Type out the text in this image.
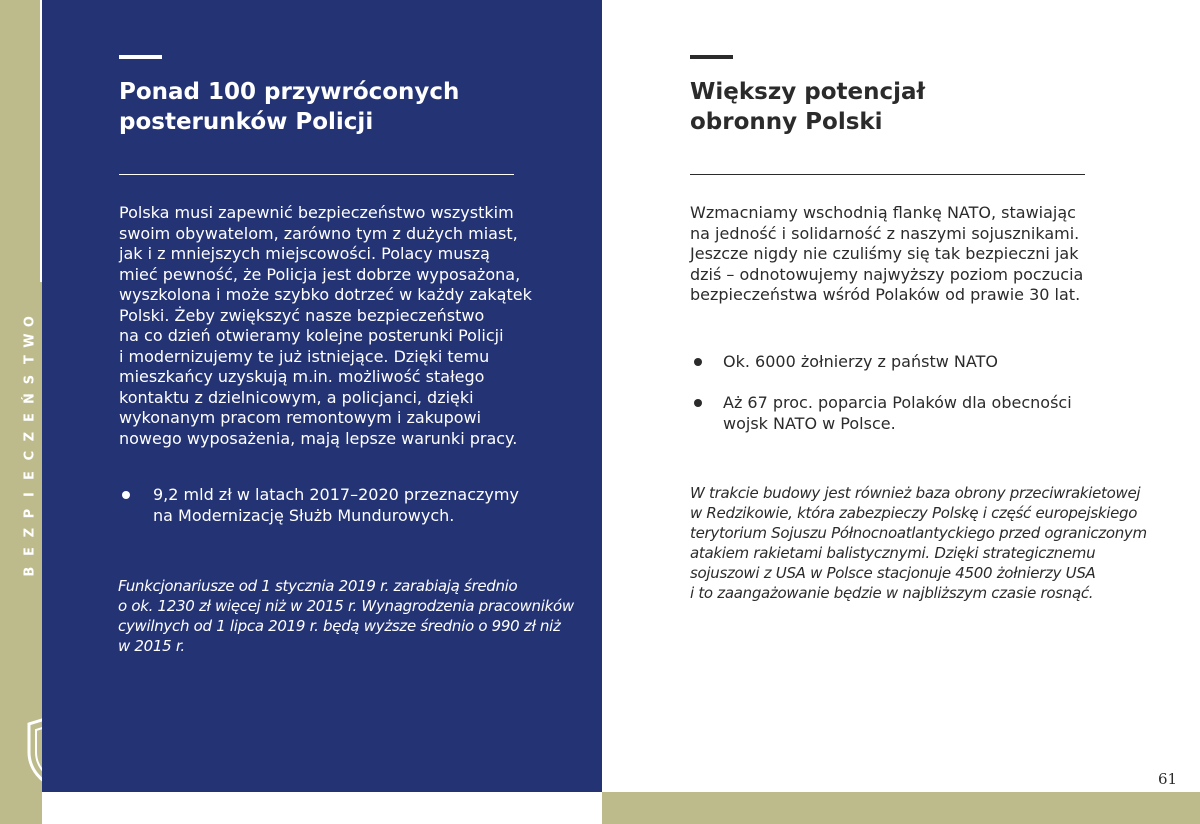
O
W
T
S
Ń
E
Z
C
E
I
P
Z
E
B
Ponad 100 przywróconych
posterunków Policji

Polska musi zapewnić bezpieczeństwo wszystkim
swoim obywatelom, zarówno tym z dużych miast,
jak i z mniejszych miejscowości. Polacy muszą
mieć pewność, że Policja jest dobrze wyposażona,
wyszkolona i może szybko dotrzeć w każdy zakątek
Polski. Żeby zwiększyć nasze bezpieczeństwo
na co dzień otwieramy kolejne posterunki Policji
i modernizujemy te już istniejące. Dzięki temu
mieszkańcy uzyskują m.in. możliwość stałego
kontaktu z dzielnicowym, a policjanci, dzięki
wykonanym pracom remontowym i zakupowi
nowego wyposażenia, mają lepsze warunki pracy.

9,2 mld zł w latach 2017–2020 przeznaczymy
na Modernizację Służb Mundurowych.

Funkcjonariusze od 1 stycznia 2019 r. zarabiają średnio
o ok. 1230 zł więcej niż w 2015 r. Wynagrodzenia pracowników
cywilnych od 1 lipca 2019 r. będą wyższe średnio o 990 zł niż
w 2015 r.

Większy potencjał
obronny Polski

Wzmacniamy wschodnią flankę NATO, stawiając
na jedność i solidarność z naszymi sojusznikami.
Jeszcze nigdy nie czuliśmy się tak bezpieczni jak
dziś – odnotowujemy najwyższy poziom poczucia
bezpieczeństwa wśród Polaków od prawie 30 lat.

Ok. 6000 żołnierzy z państw NATO
Aż 67 proc. poparcia Polaków dla obecności
wojsk NATO w Polsce.

W trakcie budowy jest również baza obrony przeciwrakietowej
w Redzikowie, która zabezpieczy Polskę i część europejskiego
terytorium Sojuszu Północnoatlantyckiego przed ograniczonym
atakiem rakietami balistycznymi. Dzięki strategicznemu
sojuszowi z USA w Polsce stacjonuje 4500 żołnierzy USA
i to zaangażowanie będzie w najbliższym czasie rosnąć.

61
